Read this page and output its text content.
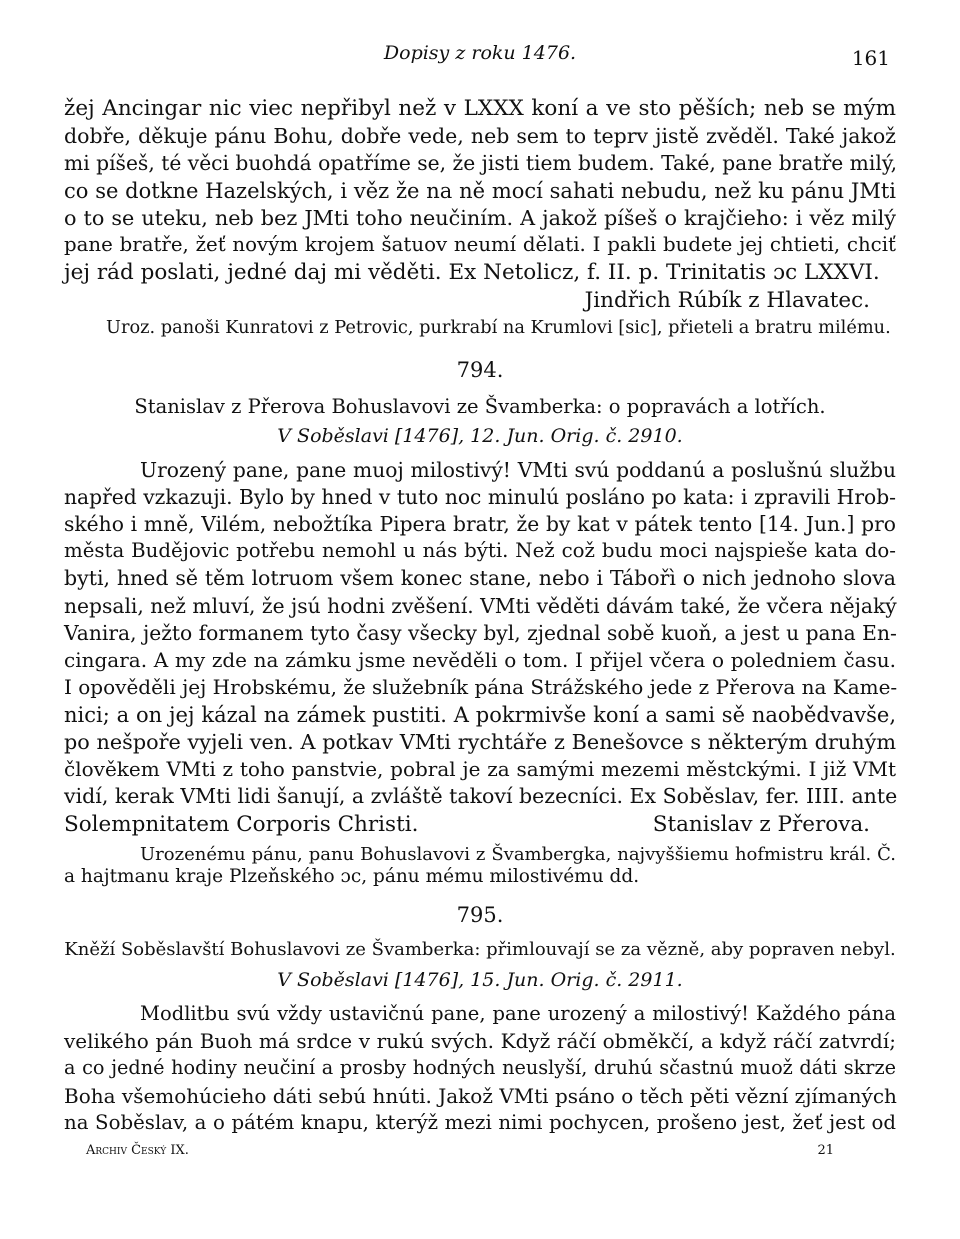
Dopisy z roku 1476.	161
žej Ancingar nic viec nepřibyl než v LXXX koní a ve sto pěších; neb se mým
dobře, děkuje pánu Bohu, dobře vede, neb sem to teprv jistě zvěděl. Také jakož
mi píšeš, té věci buohdá opatříme se, že jisti tiem budem. Také, pane bratře milý,
co se dotkne Hazelských, i věz že na ně mocí sahati nebudu, než ku pánu JMti
o to se uteku, neb bez JMti toho neučiním. A jakož píšeš o krajčieho: i věz milý
pane bratře, žeť novým krojem šatuov neumí dělati. I pakli budete jej chtieti, chciť
jej rád poslati, jedné daj mi věděti. Ex Netolicz, f. II. p. Trinitatis ɔc LXXVI.
Jindřich Rúbík z Hlavatec.
Uroz. panoši Kunratovi z Petrovic, purkrabí na Krumlovi [sic], přieteli a bratru milému.
794.
Stanislav z Přerova Bohuslavovi ze Švamberka: o popravách a lotřích.
V Soběslavi [1476], 12. Jun. Orig. č. 2910.
Urozený pane, pane muoj milostivý! VMti svú poddanú a poslušnú službu
napřed vzkazuji. Bylo by hned v tuto noc minulú posláno po kata: i zpravili Hrob-
ského i mně, Vilém, nebožtíka Pipera bratr, že by kat v pátek tento [14. Jun.] pro
města Budějovic potřebu nemohl u nás býti. Než což budu moci najspieše kata do-
byti, hned sě těm lotruom všem konec stane, nebo i Tábořì o nich jednoho slova
nepsali, než mluví, že jsú hodni zvěšení. VMti věděti dávám také, že včera nějaký
Vanira, ježto formanem tyto časy všecky byl, zjednal sobě kuoň, a jest u pana En-
cingara. A my zde na zámku jsme nevěděli o tom. I přijel včera o poledniem času.
I opověděli jej Hrobskému, že služebník pána Strážského jede z Přerova na Kame-
nici; a on jej kázal na zámek pustiti. A pokrmivše koní a sami sě naobědvavše,
po nešpoře vyjeli ven. A potkav VMti rychtáře z Benešovce s některým druhým
člověkem VMti z toho panstvie, pobral je za samými mezemi městckými. I již VMt
vidí, kerak VMti lidi šanují, a zvláště takoví bezecníci. Ex Soběslav, fer. IIII. ante
Solempnitatem Corporis Christi.	Stanislav z Přerova.
Urozenému pánu, panu Bohuslavovi z Švambergka, najvyššiemu hofmistru král. Č.
a hajtmanu kraje Plzeňského ɔc, pánu mému milostivému dd.
795.
Kněží Soběslavští Bohuslavovi ze Švamberka: přimlouvají se za vězně, aby popraven nebyl.
V Soběslavi [1476], 15. Jun. Orig. č. 2911.
Modlitbu svú vždy ustavičnú pane, pane urozený a milostivý! Každého pána
velikého pán Buoh má srdce v rukú svých. Když ráčí obměkčí, a když ráčí zatvrdí;
a co jedné hodiny neučiní a prosby hodných neuslyší, druhú sčastnú muož dáti skrze
Boha všemohúcieho dáti sebú hnúti. Jakož VMti psáno o těch pěti vězní zjímaných
na Soběslav, a o pátém knapu, kterýž mezi nimi pochycen, prošeno jest, žeť jest od
Archiv Český IX.	21
